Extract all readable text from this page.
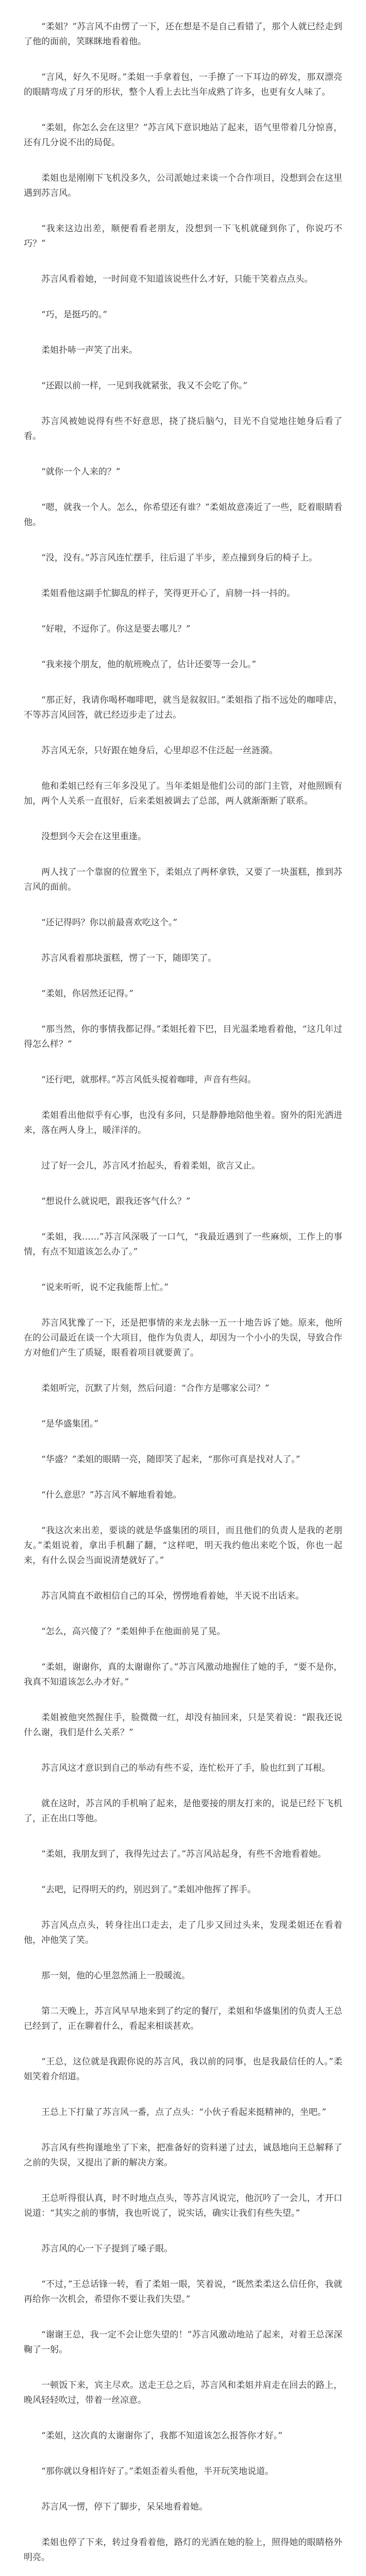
“柔姐？”苏言风不由愣了一下，还在想是不是自己看错了，那个人就已经走到了他的面前，笑眯眯地看着他。

“言风，好久不见呀。”柔姐一手拿着包，一手撩了一下耳边的碎发，那双漂亮的眼睛弯成了月牙的形状，整个人看上去比当年成熟了许多，也更有女人味了。

“柔姐，你怎么会在这里？”苏言风下意识地站了起来，语气里带着几分惊喜，还有几分说不出的局促。

柔姐也是刚刚下飞机没多久，公司派她过来谈一个合作项目，没想到会在这里遇到苏言风。

“我来这边出差，顺便看看老朋友，没想到一下飞机就碰到你了，你说巧不巧？”

苏言风看着她，一时间竟不知道该说些什么才好，只能干笑着点点头。

“巧，是挺巧的。”

柔姐扑哧一声笑了出来。

“还跟以前一样，一见到我就紧张，我又不会吃了你。”

苏言风被她说得有些不好意思，挠了挠后脑勺，目光不自觉地往她身后看了看。

“就你一个人来的？”

“嗯，就我一个人。怎么，你希望还有谁？”柔姐故意凑近了一些，眨着眼睛看他。

“没，没有。”苏言风连忙摆手，往后退了半步，差点撞到身后的椅子上。

柔姐看他这副手忙脚乱的样子，笑得更开心了，肩膀一抖一抖的。

“好啦，不逗你了。你这是要去哪儿？”

“我来接个朋友，他的航班晚点了，估计还要等一会儿。”

“那正好，我请你喝杯咖啡吧，就当是叙叙旧。”柔姐指了指不远处的咖啡店，不等苏言风回答，就已经迈步走了过去。

苏言风无奈，只好跟在她身后，心里却忍不住泛起一丝涟漪。

他和柔姐已经有三年多没见了。当年柔姐是他们公司的部门主管，对他照顾有加，两个人关系一直很好，后来柔姐被调去了总部，两人就渐渐断了联系。

没想到今天会在这里重逢。

两人找了一个靠窗的位置坐下，柔姐点了两杯拿铁，又要了一块蛋糕，推到苏言风的面前。

“还记得吗？你以前最喜欢吃这个。”

苏言风看着那块蛋糕，愣了一下，随即笑了。

“柔姐，你居然还记得。”

“那当然，你的事情我都记得。”柔姐托着下巴，目光温柔地看着他，“这几年过得怎么样？”

“还行吧，就那样。”苏言风低头搅着咖啡，声音有些闷。

柔姐看出他似乎有心事，也没有多问，只是静静地陪他坐着。窗外的阳光洒进来，落在两人身上，暖洋洋的。

过了好一会儿，苏言风才抬起头，看着柔姐，欲言又止。

“想说什么就说吧，跟我还客气什么？”

“柔姐，我……”苏言风深吸了一口气，“我最近遇到了一些麻烦，工作上的事情，有点不知道该怎么办了。”

“说来听听，说不定我能帮上忙。”

苏言风犹豫了一下，还是把事情的来龙去脉一五一十地告诉了她。原来，他所在的公司最近在谈一个大项目，他作为负责人，却因为一个小小的失误，导致合作方对他们产生了质疑，眼看着项目就要黄了。

柔姐听完，沉默了片刻，然后问道：“合作方是哪家公司？”

“是华盛集团。”

“华盛？”柔姐的眼睛一亮，随即笑了起来，“那你可真是找对人了。”

“什么意思？”苏言风不解地看着她。

“我这次来出差，要谈的就是华盛集团的项目，而且他们的负责人是我的老朋友。”柔姐说着，拿出手机翻了翻，“这样吧，明天我约他出来吃个饭，你也一起来，有什么误会当面说清楚就好了。”

苏言风简直不敢相信自己的耳朵，愣愣地看着她，半天说不出话来。

“怎么，高兴傻了？”柔姐伸手在他面前晃了晃。

“柔姐，谢谢你，真的太谢谢你了。”苏言风激动地握住了她的手，“要不是你，我真不知道该怎么办才好。”

柔姐被他突然握住手，脸微微一红，却没有抽回来，只是笑着说：“跟我还说什么谢，我们是什么关系？”

苏言风这才意识到自己的举动有些不妥，连忙松开了手，脸也红到了耳根。

就在这时，苏言风的手机响了起来，是他要接的朋友打来的，说是已经下飞机了，正在出口等他。

“柔姐，我朋友到了，我得先过去了。”苏言风站起身，有些不舍地看着她。

“去吧，记得明天的约，别迟到了。”柔姐冲他挥了挥手。

苏言风点点头，转身往出口走去，走了几步又回过头来，发现柔姐还在看着他，冲他笑了笑。

那一刻，他的心里忽然涌上一股暖流。

第二天晚上，苏言风早早地来到了约定的餐厅，柔姐和华盛集团的负责人王总已经到了，正在聊着什么，看起来相谈甚欢。

“王总，这位就是我跟你说的苏言风，我以前的同事，也是我最信任的人。”柔姐笑着介绍道。

王总上下打量了苏言风一番，点了点头：“小伙子看起来挺精神的，坐吧。”

苏言风有些拘谨地坐了下来，把准备好的资料递了过去，诚恳地向王总解释了之前的失误，又提出了新的解决方案。

王总听得很认真，时不时地点点头，等苏言风说完，他沉吟了一会儿，才开口说道：“其实之前的事情，我也听说了，说实话，确实让我们有些失望。”

苏言风的心一下子提到了嗓子眼。

“不过，”王总话锋一转，看了柔姐一眼，笑着说，“既然柔柔这么信任你，我就再给你一次机会，希望你不要让我们失望。”

“谢谢王总，我一定不会让您失望的！”苏言风激动地站了起来，对着王总深深鞠了一躬。

一顿饭下来，宾主尽欢。送走王总之后，苏言风和柔姐并肩走在回去的路上，晚风轻轻吹过，带着一丝凉意。

“柔姐，这次真的太谢谢你了，我都不知道该怎么报答你才好。”

“那你就以身相许好了。”柔姐歪着头看他，半开玩笑地说道。

苏言风一愣，停下了脚步，呆呆地看着她。

柔姐也停了下来，转过身看着他，路灯的光洒在她的脸上，照得她的眼睛格外明亮。
